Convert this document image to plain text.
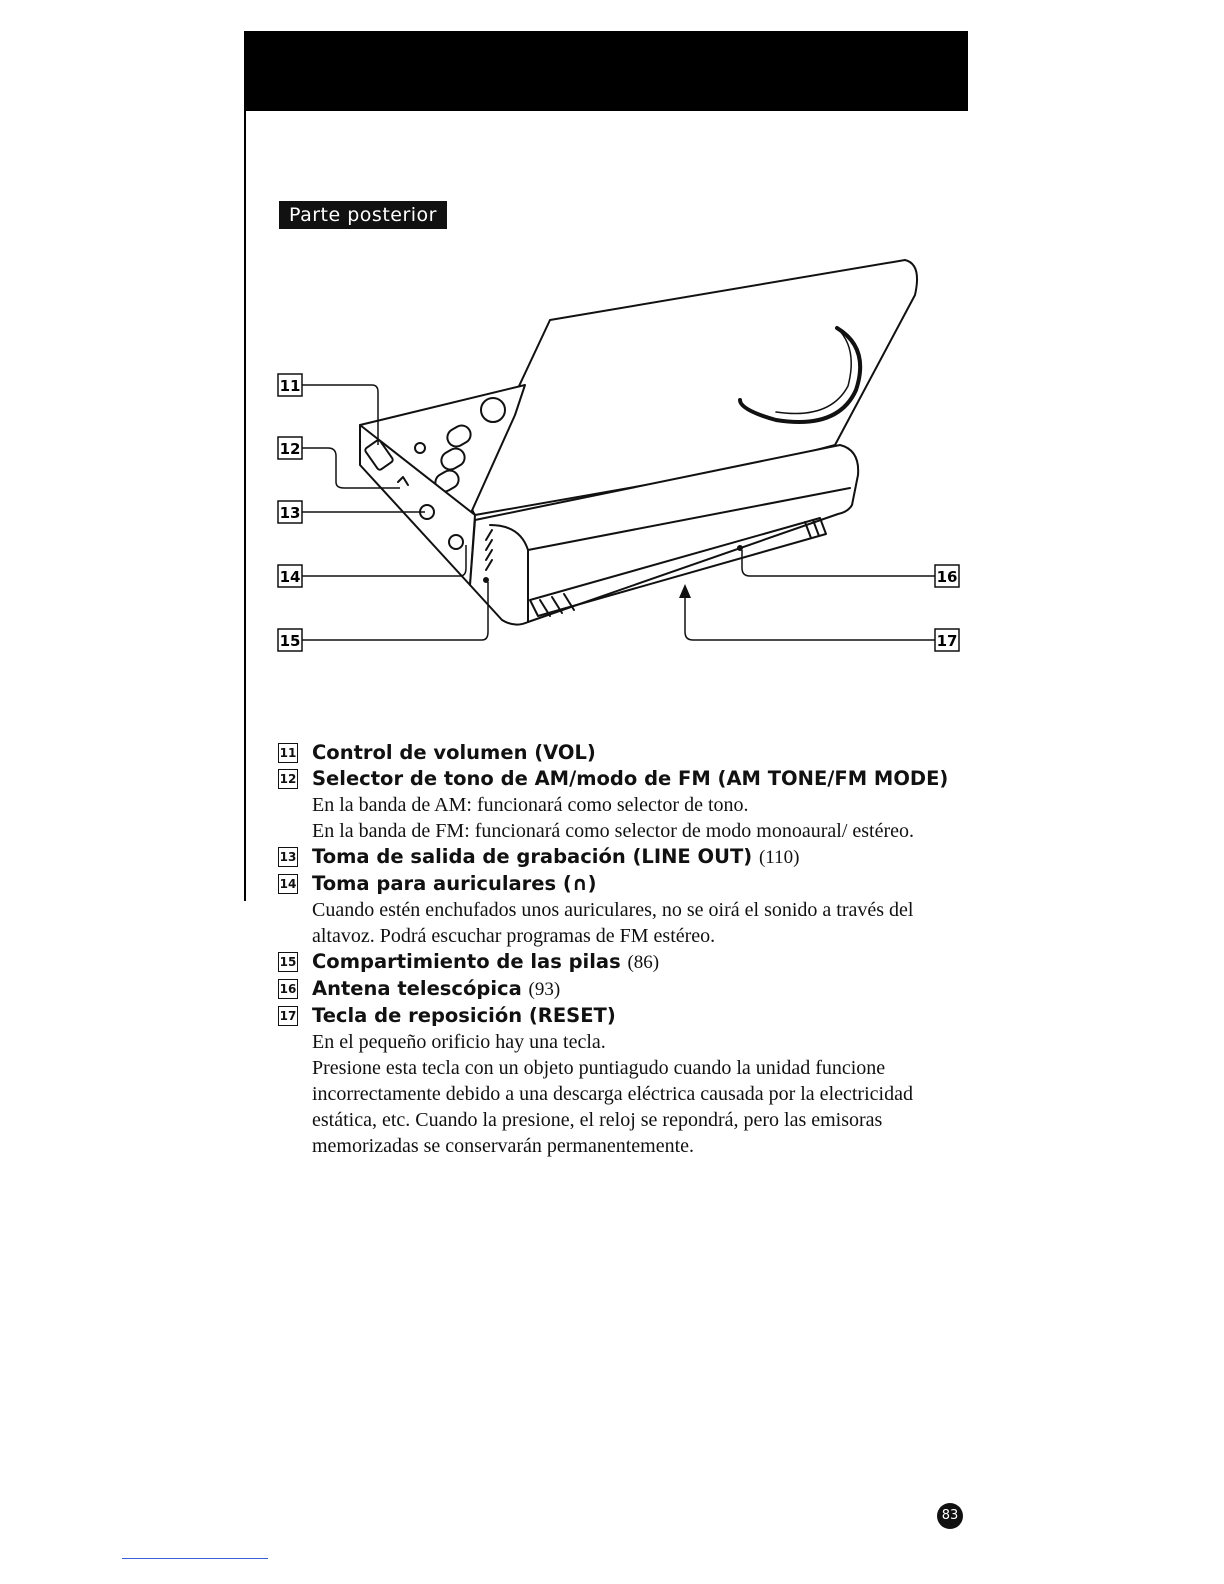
Parte posterior
11
12
13
14
15
16
17
11 Control de volumen (VOL)
12 Selector de tono de AM/modo de FM (AM TONE/FM MODE)
En la banda de AM: funcionará como selector de tono.
En la banda de FM: funcionará como selector de modo monoaural/ estéreo.
13 Toma de salida de grabación (LINE OUT) (110)
14 Toma para auriculares (∩)
Cuando estén enchufados unos auriculares, no se oirá el sonido a través del altavoz. Podrá escuchar programas de FM estéreo.
15 Compartimiento de las pilas (86)
16 Antena telescópica (93)
17 Tecla de reposición (RESET)
En el pequeño orificio hay una tecla.
Presione esta tecla con un objeto puntiagudo cuando la unidad funcione incorrectamente debido a una descarga eléctrica causada por la electricidad estática, etc. Cuando la presione, el reloj se repondrá, pero las emisoras memorizadas se conservarán permanentemente.
83
